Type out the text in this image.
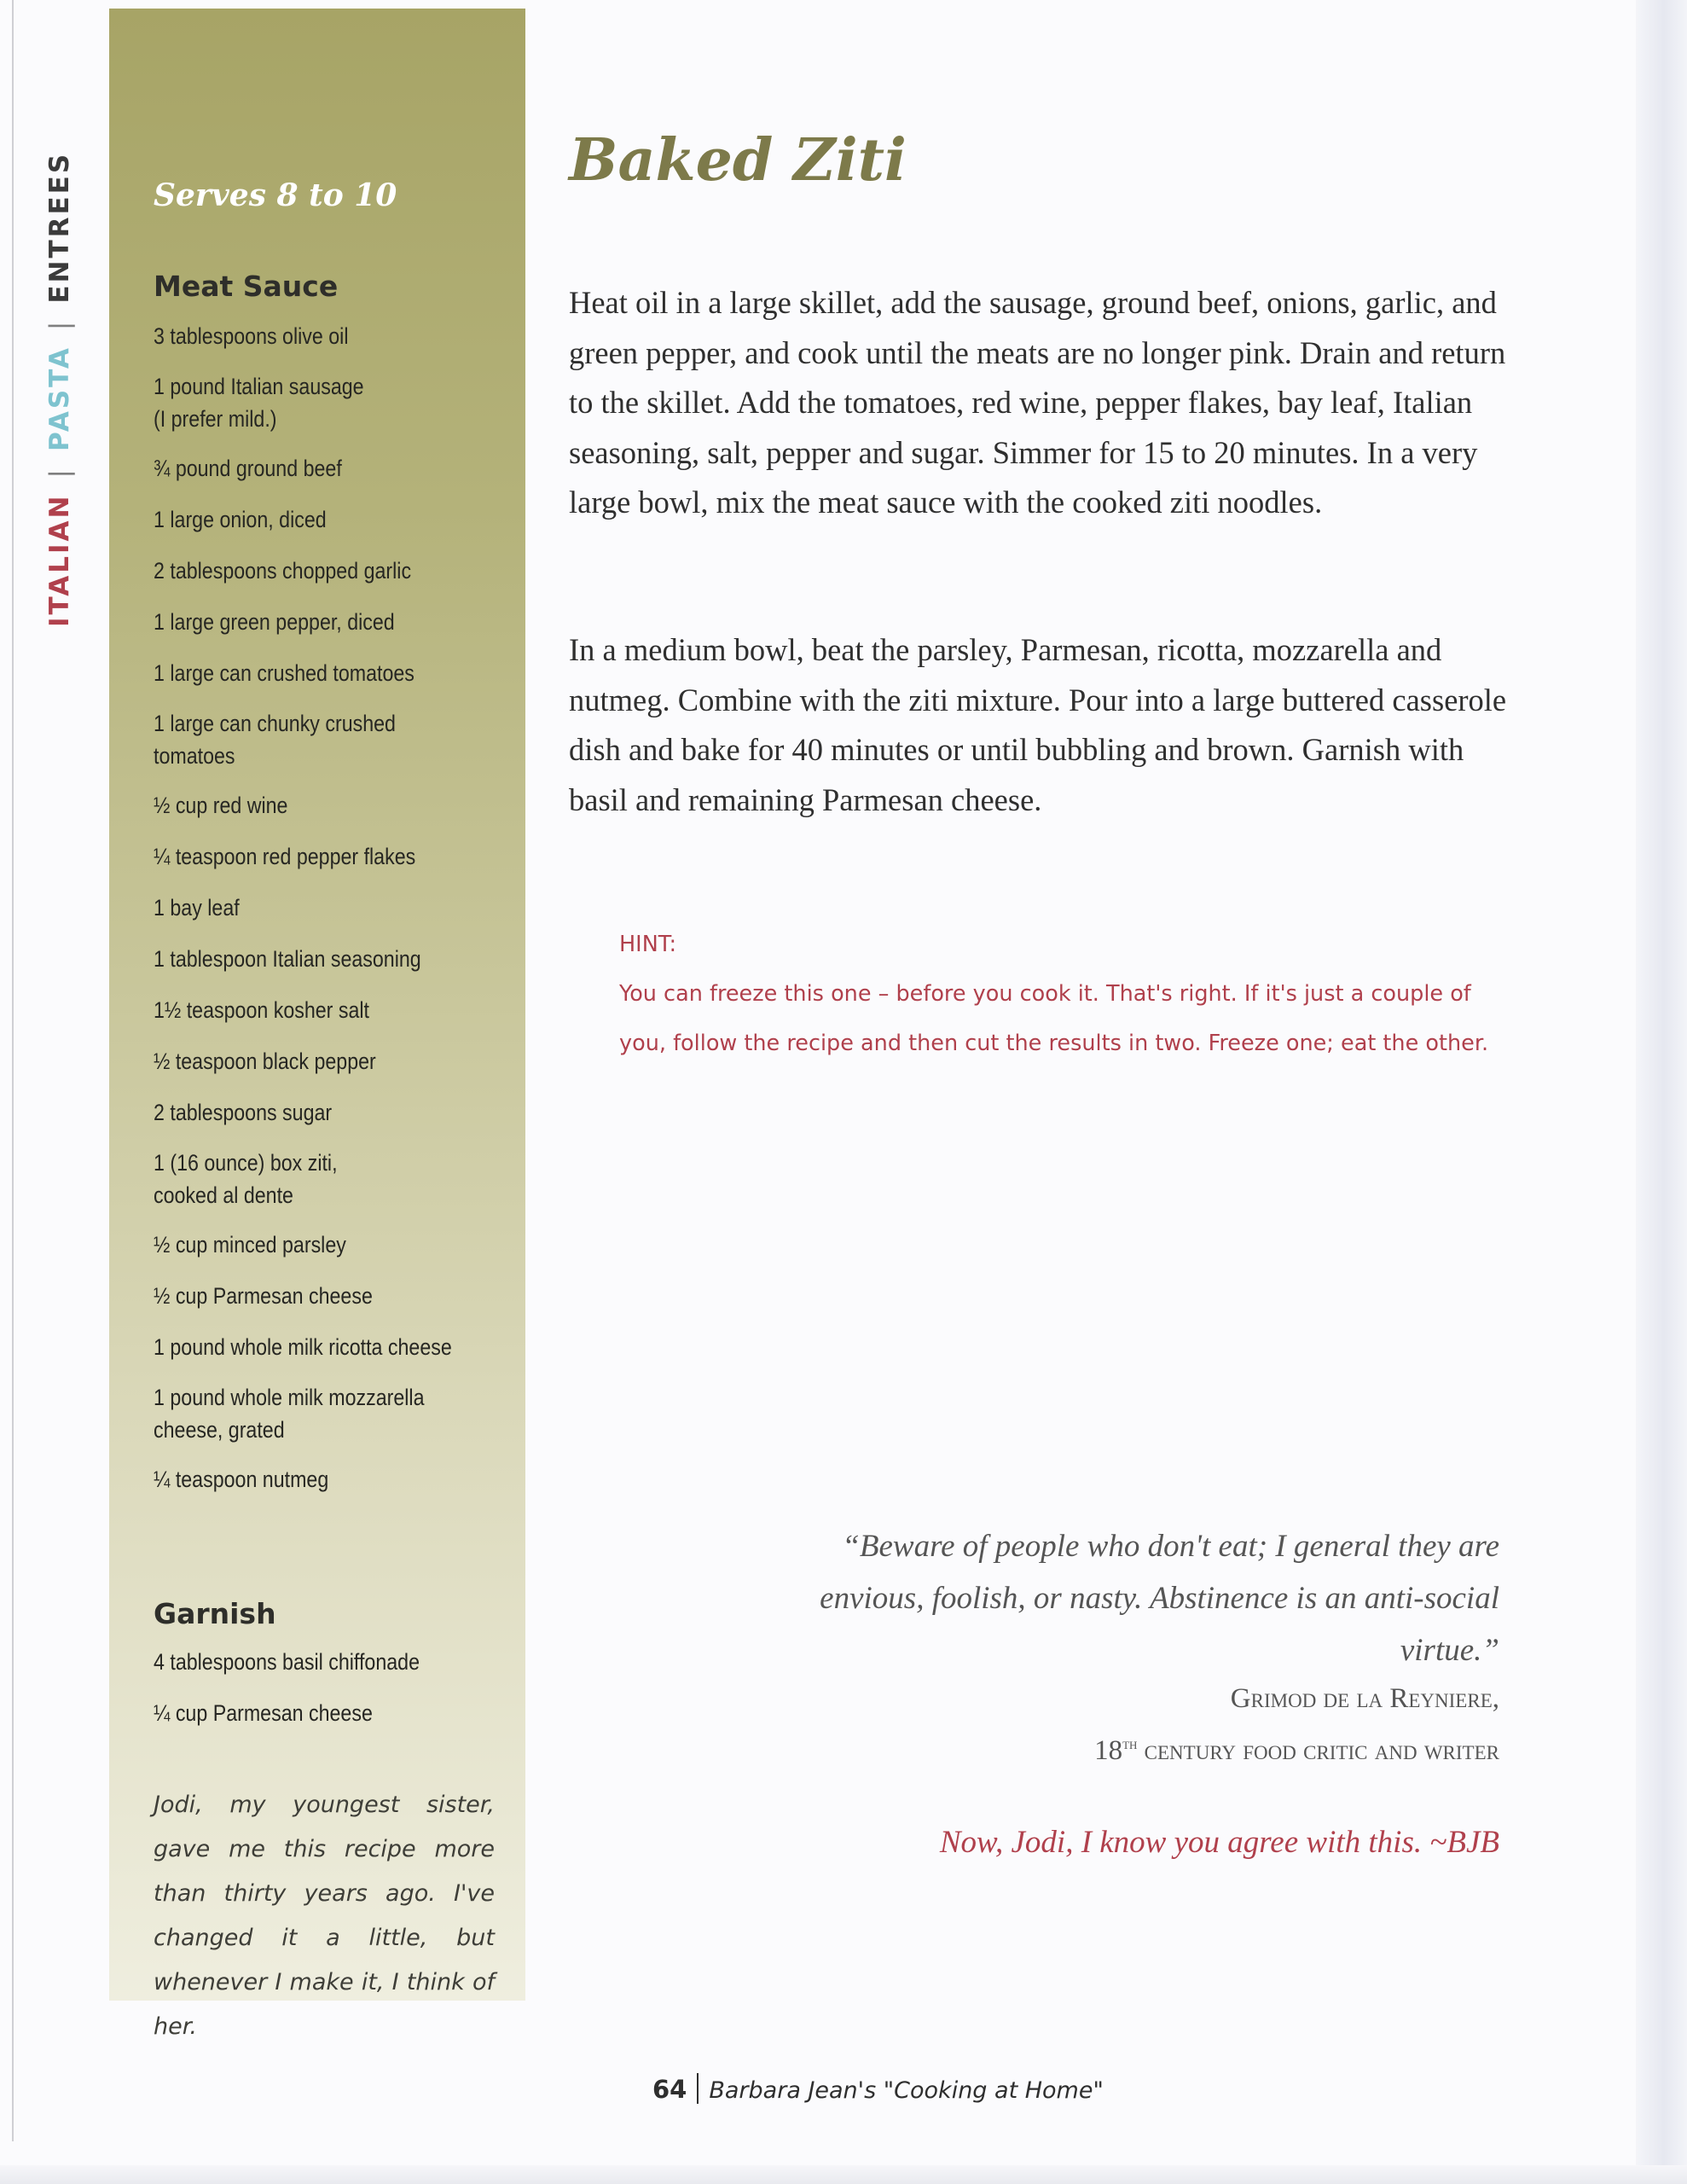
ITALIAN|PASTA|ENTREES	Serves 8 to 10
Meat Sauce
3 tablespoons olive oil
1 pound Italian sausage
(I prefer mild.)
¾ pound ground beef
1 large onion, diced
2 tablespoons chopped garlic
1 large green pepper, diced
1 large can crushed tomatoes
1 large can chunky crushed
tomatoes
½ cup red wine
¼ teaspoon red pepper flakes
1 bay leaf
1 tablespoon Italian seasoning
1½ teaspoon kosher salt
½ teaspoon black pepper
2 tablespoons sugar
1 (16 ounce) box ziti,
cooked al dente
½ cup minced parsley
½ cup Parmesan cheese
1 pound whole milk ricotta cheese
1 pound whole milk mozzarella
cheese, grated
¼ teaspoon nutmeg
Garnish
4 tablespoons basil chiffonade
¼ cup Parmesan cheese
Jodi, my youngest sister, gave me this recipe more than thirty years ago. I've changed it a little, but whenever I make it, I think of her.
Baked Ziti

Heat oil in a large skillet, add the sausage, ground beef, onions, garlic, and green pepper, and cook until the meats are no longer pink. Drain and return to the skillet. Add the tomatoes, red wine, pepper flakes, bay leaf, Italian seasoning, salt, pepper and sugar. Simmer for 15 to 20 minutes. In a very large bowl, mix the meat sauce with the cooked ziti noodles.

In a medium bowl, beat the parsley, Parmesan, ricotta, mozzarella and nutmeg. Combine with the ziti mixture. Pour into a large buttered casserole dish and bake for 40 minutes or until bubbling and brown. Garnish with basil and remaining Parmesan cheese.

HINT:
You can freeze this one – before you cook it. That's right. If it's just a couple of you, follow the recipe and then cut the results in two. Freeze one; eat the other.
“Beware of people who don't eat; I general they are envious, foolish, or nasty. Abstinence is an anti-social virtue.”
Grimod de la Reyniere,
18th century food critic and writer
Now, Jodi, I know you agree with this. ~BJB
64 Barbara Jean's "Cooking at Home"
